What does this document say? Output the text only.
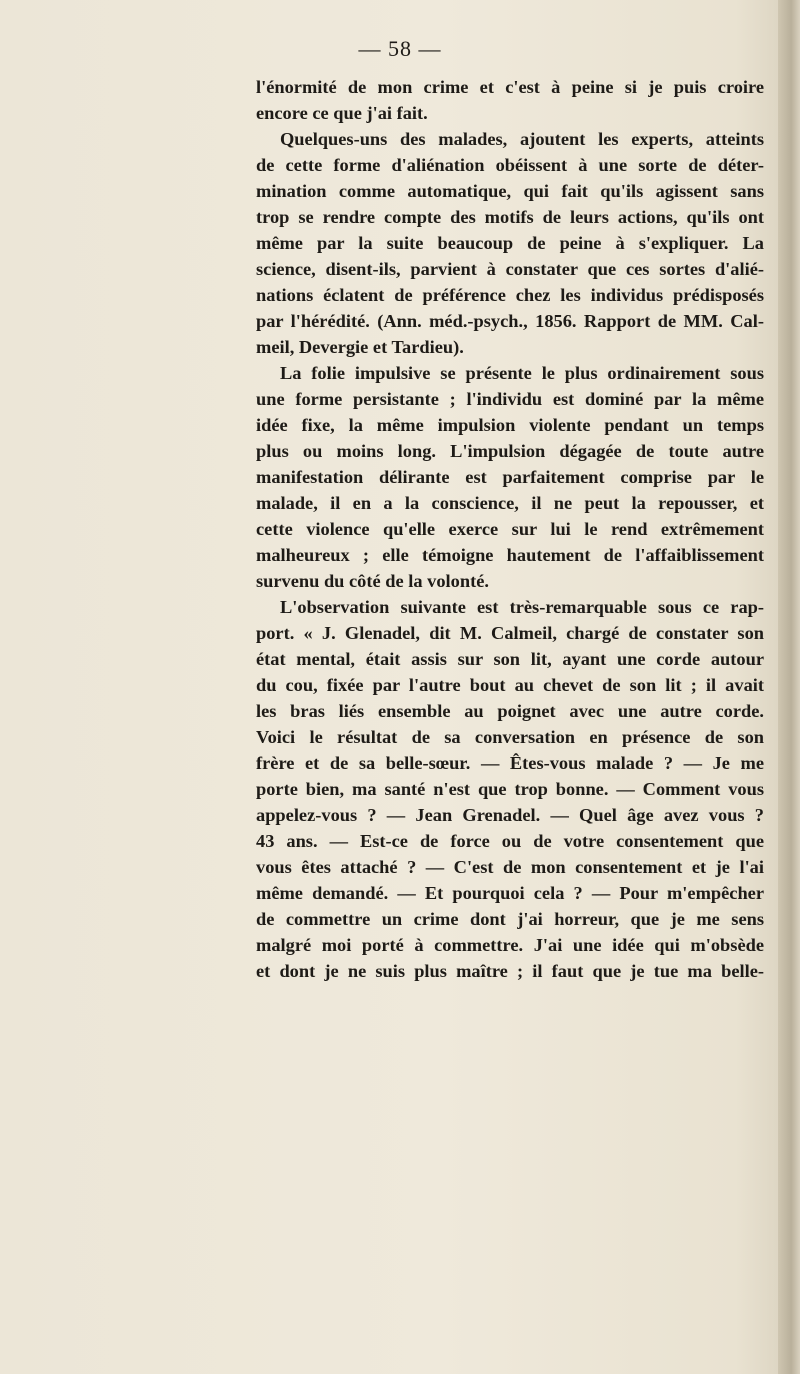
— 58 —

l'énormité de mon crime et c'est à peine si je puis croire
encore ce que j'ai fait.
Quelques-uns des malades, ajoutent les experts, atteints
de cette forme d'aliénation obéissent à une sorte de déter-
mination comme automatique, qui fait qu'ils agissent sans
trop se rendre compte des motifs de leurs actions, qu'ils ont
même par la suite beaucoup de peine à s'expliquer. La
science, disent-ils, parvient à constater que ces sortes d'alié-
nations éclatent de préférence chez les individus prédisposés
par l'hérédité. (Ann. méd.-psych., 1856. Rapport de MM. Cal-
meil, Devergie et Tardieu).
La folie impulsive se présente le plus ordinairement sous
une forme persistante ; l'individu est dominé par la même
idée fixe, la même impulsion violente pendant un temps
plus ou moins long. L'impulsion dégagée de toute autre
manifestation délirante est parfaitement comprise par le
malade, il en a la conscience, il ne peut la repousser, et
cette violence qu'elle exerce sur lui le rend extrêmement
malheureux ; elle témoigne hautement de l'affaiblissement
survenu du côté de la volonté.
L'observation suivante est très-remarquable sous ce rap-
port. « J. Glenadel, dit M. Calmeil, chargé de constater son
état mental, était assis sur son lit, ayant une corde autour
du cou, fixée par l'autre bout au chevet de son lit ; il avait
les bras liés ensemble au poignet avec une autre corde.
Voici le résultat de sa conversation en présence de son
frère et de sa belle-sœur. — Êtes-vous malade ? — Je me
porte bien, ma santé n'est que trop bonne. — Comment vous
appelez-vous ? — Jean Grenadel. — Quel âge avez vous ?
43 ans. — Est-ce de force ou de votre consentement que
vous êtes attaché ? — C'est de mon consentement et je l'ai
même demandé. — Et pourquoi cela ? — Pour m'empêcher
de commettre un crime dont j'ai horreur, que je me sens
malgré moi porté à commettre. J'ai une idée qui m'obsède
et dont je ne suis plus maître ; il faut que je tue ma belle-
